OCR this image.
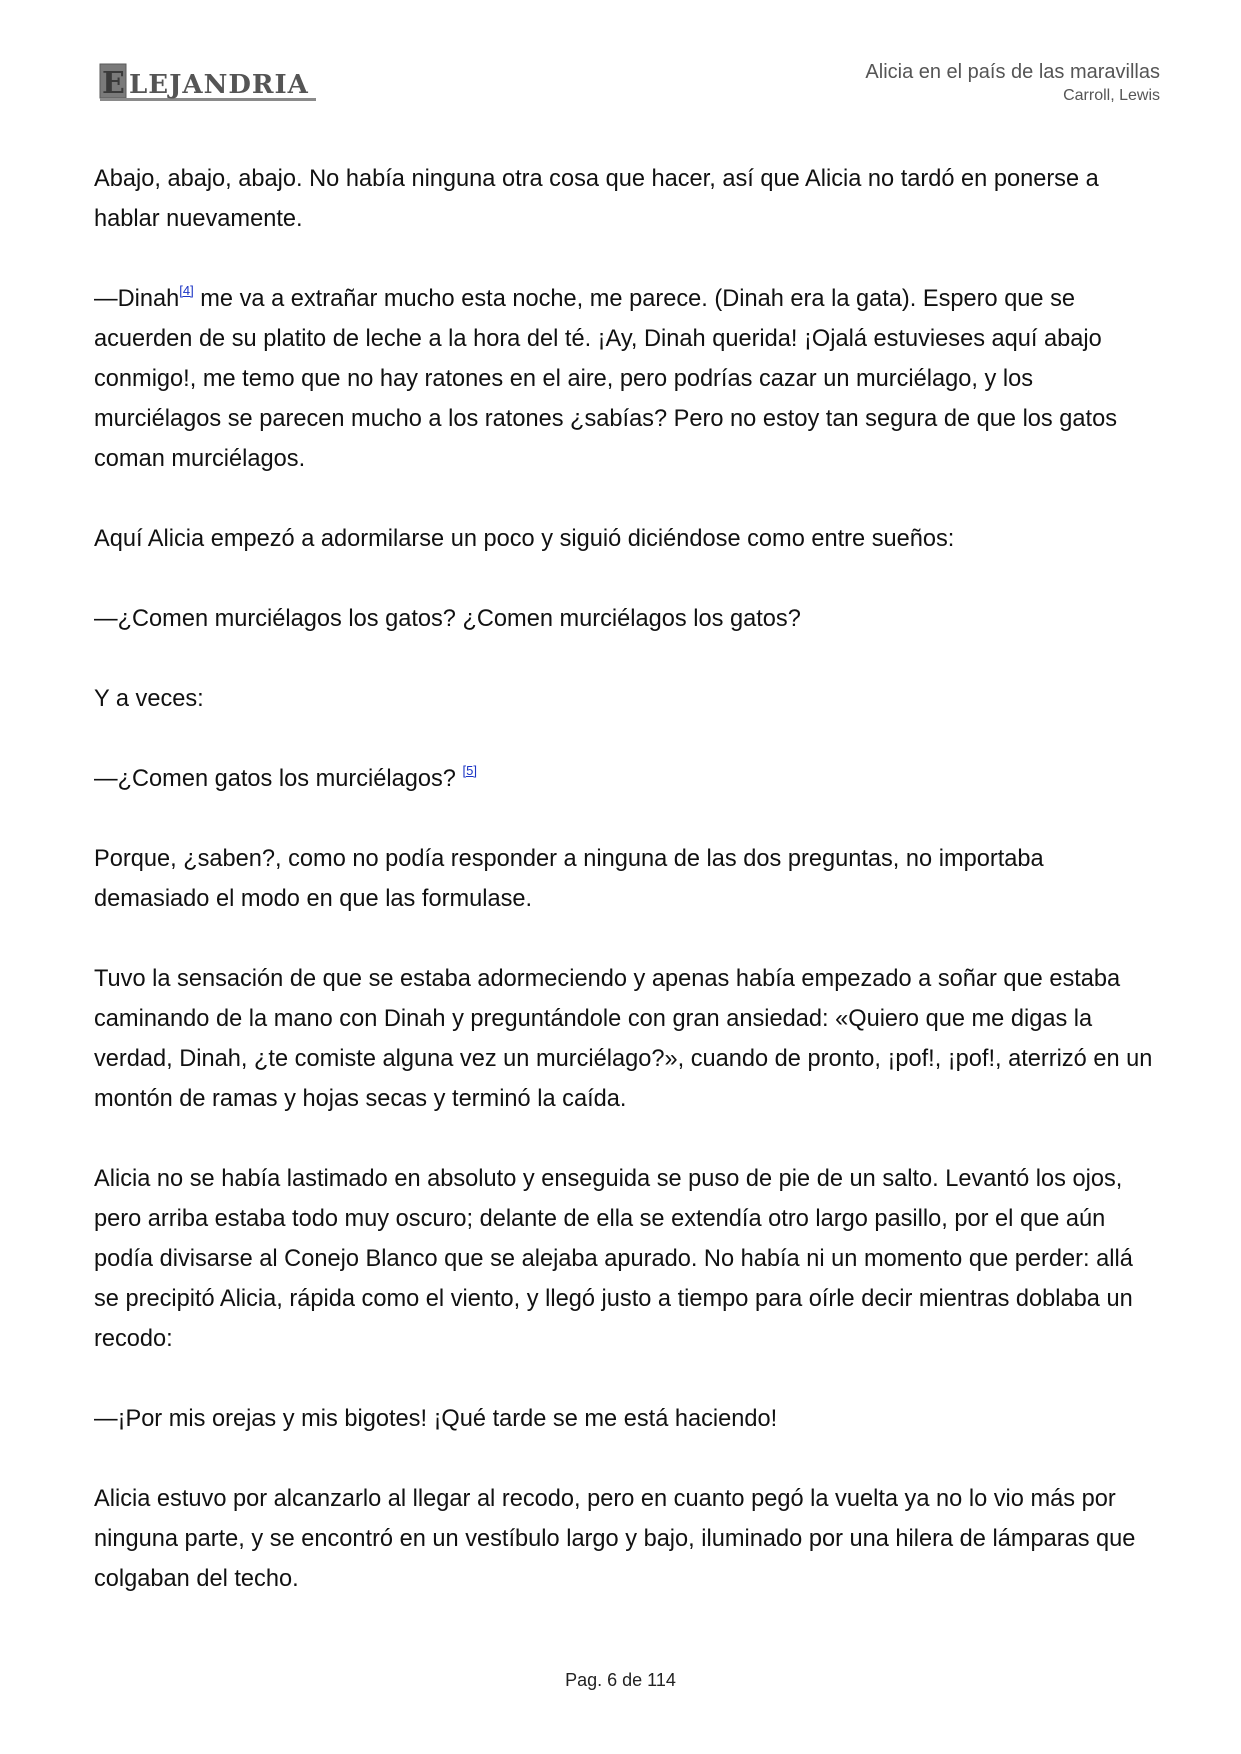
E LEJANDRIA	Alicia en el país de las maravillas
Carroll, Lewis

Abajo, abajo, abajo. No había ninguna otra cosa que hacer, así que Alicia no tardó en ponerse a hablar nuevamente.

—Dinah[4] me va a extrañar mucho esta noche, me parece. (Dinah era la gata). Espero que se acuerden de su platito de leche a la hora del té. ¡Ay, Dinah querida! ¡Ojalá estuvieses aquí abajo conmigo!, me temo que no hay ratones en el aire, pero podrías cazar un murciélago, y los murciélagos se parecen mucho a los ratones ¿sabías? Pero no estoy tan segura de que los gatos coman murciélagos.

Aquí Alicia empezó a adormilarse un poco y siguió diciéndose como entre sueños:

—¿Comen murciélagos los gatos? ¿Comen murciélagos los gatos?

Y a veces:

—¿Comen gatos los murciélagos? [5]

Porque, ¿saben?, como no podía responder a ninguna de las dos preguntas, no importaba demasiado el modo en que las formulase.

Tuvo la sensación de que se estaba adormeciendo y apenas había empezado a soñar que estaba caminando de la mano con Dinah y preguntándole con gran ansiedad: «Quiero que me digas la verdad, Dinah, ¿te comiste alguna vez un murciélago?», cuando de pronto, ¡pof!, ¡pof!, aterrizó en un montón de ramas y hojas secas y terminó la caída.

Alicia no se había lastimado en absoluto y enseguida se puso de pie de un salto. Levantó los ojos, pero arriba estaba todo muy oscuro; delante de ella se extendía otro largo pasillo, por el que aún podía divisarse al Conejo Blanco que se alejaba apurado. No había ni un momento que perder: allá se precipitó Alicia, rápida como el viento, y llegó justo a tiempo para oírle decir mientras doblaba un recodo:

—¡Por mis orejas y mis bigotes! ¡Qué tarde se me está haciendo!

Alicia estuvo por alcanzarlo al llegar al recodo, pero en cuanto pegó la vuelta ya no lo vio más por ninguna parte, y se encontró en un vestíbulo largo y bajo, iluminado por una hilera de lámparas que colgaban del techo.

Pag. 6 de 114
